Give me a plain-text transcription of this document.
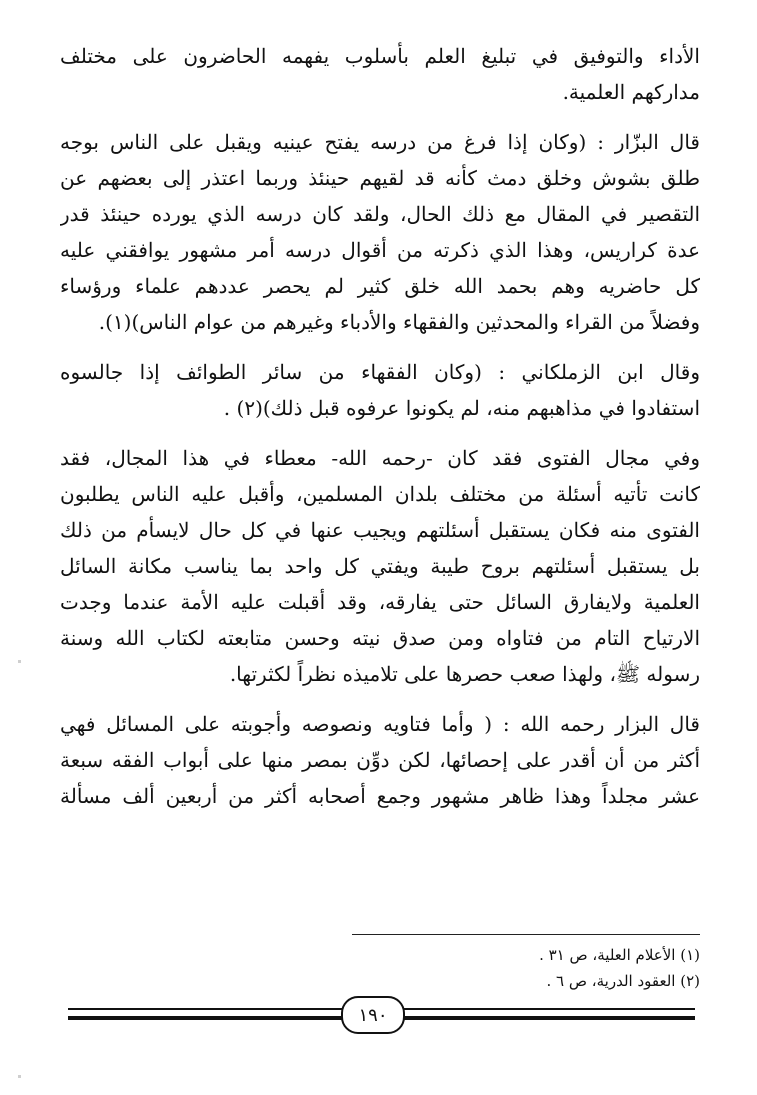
الأداء والتوفيق في تبليغ العلم بأسلوب يفهمه الحاضرون على مختلف
مداركهم العلمية.
قال البزّار : (وكان إذا فرغ من درسه يفتح عينيه ويقبل على الناس بوجه
طلق بشوش وخلق دمث كأنه قد لقيهم حينئذ وربما اعتذر إلى بعضهم عن
التقصير في المقال مع ذلك الحال، ولقد كان درسه الذي يورده حينئذ قدر
عدة كراريس، وهذا الذي ذكرته من أقوال درسه أمر مشهور يوافقني عليه
كل حاضريه وهم بحمد الله خلق كثير لم يحصر عددهم علماء ورؤساء
وفضلاً من القراء والمحدثين والفقهاء والأدباء وغيرهم من عوام الناس)(١).
وقال ابن الزملكاني : (وكان الفقهاء من سائر الطوائف إذا جالسوه
استفادوا في مذاهبهم منه، لم يكونوا عرفوه قبل ذلك)(٢) .
وفي مجال الفتوى فقد كان -رحمه الله- معطاء في هذا المجال، فقد
كانت تأتيه أسئلة من مختلف بلدان المسلمين، وأقبل عليه الناس يطلبون
الفتوى منه فكان يستقبل أسئلتهم ويجيب عنها في كل حال لايسأم من ذلك
بل يستقبل أسئلتهم بروح طيبة ويفتي كل واحد بما يناسب مكانة السائل
العلمية ولايفارق السائل حتى يفارقه، وقد أقبلت عليه الأمة عندما وجدت
الارتياح التام من فتاواه ومن صدق نيته وحسن متابعته لكتاب الله وسنة
رسوله ﷺ، ولهذا صعب حصرها على تلاميذه نظراً لكثرتها.
قال البزار رحمه الله : ( وأما فتاويه ونصوصه وأجوبته على المسائل فهي
أكثر من أن أقدر على إحصائها، لكن دوِّن بمصر منها على أبواب الفقه سبعة
عشر مجلداً وهذا ظاهر مشهور وجمع أصحابه أكثر من أربعين ألف مسألة
(١) الأعلام العلية، ص ٣١ .
(٢) العقود الدرية، ص ٦ .
١٩٠
